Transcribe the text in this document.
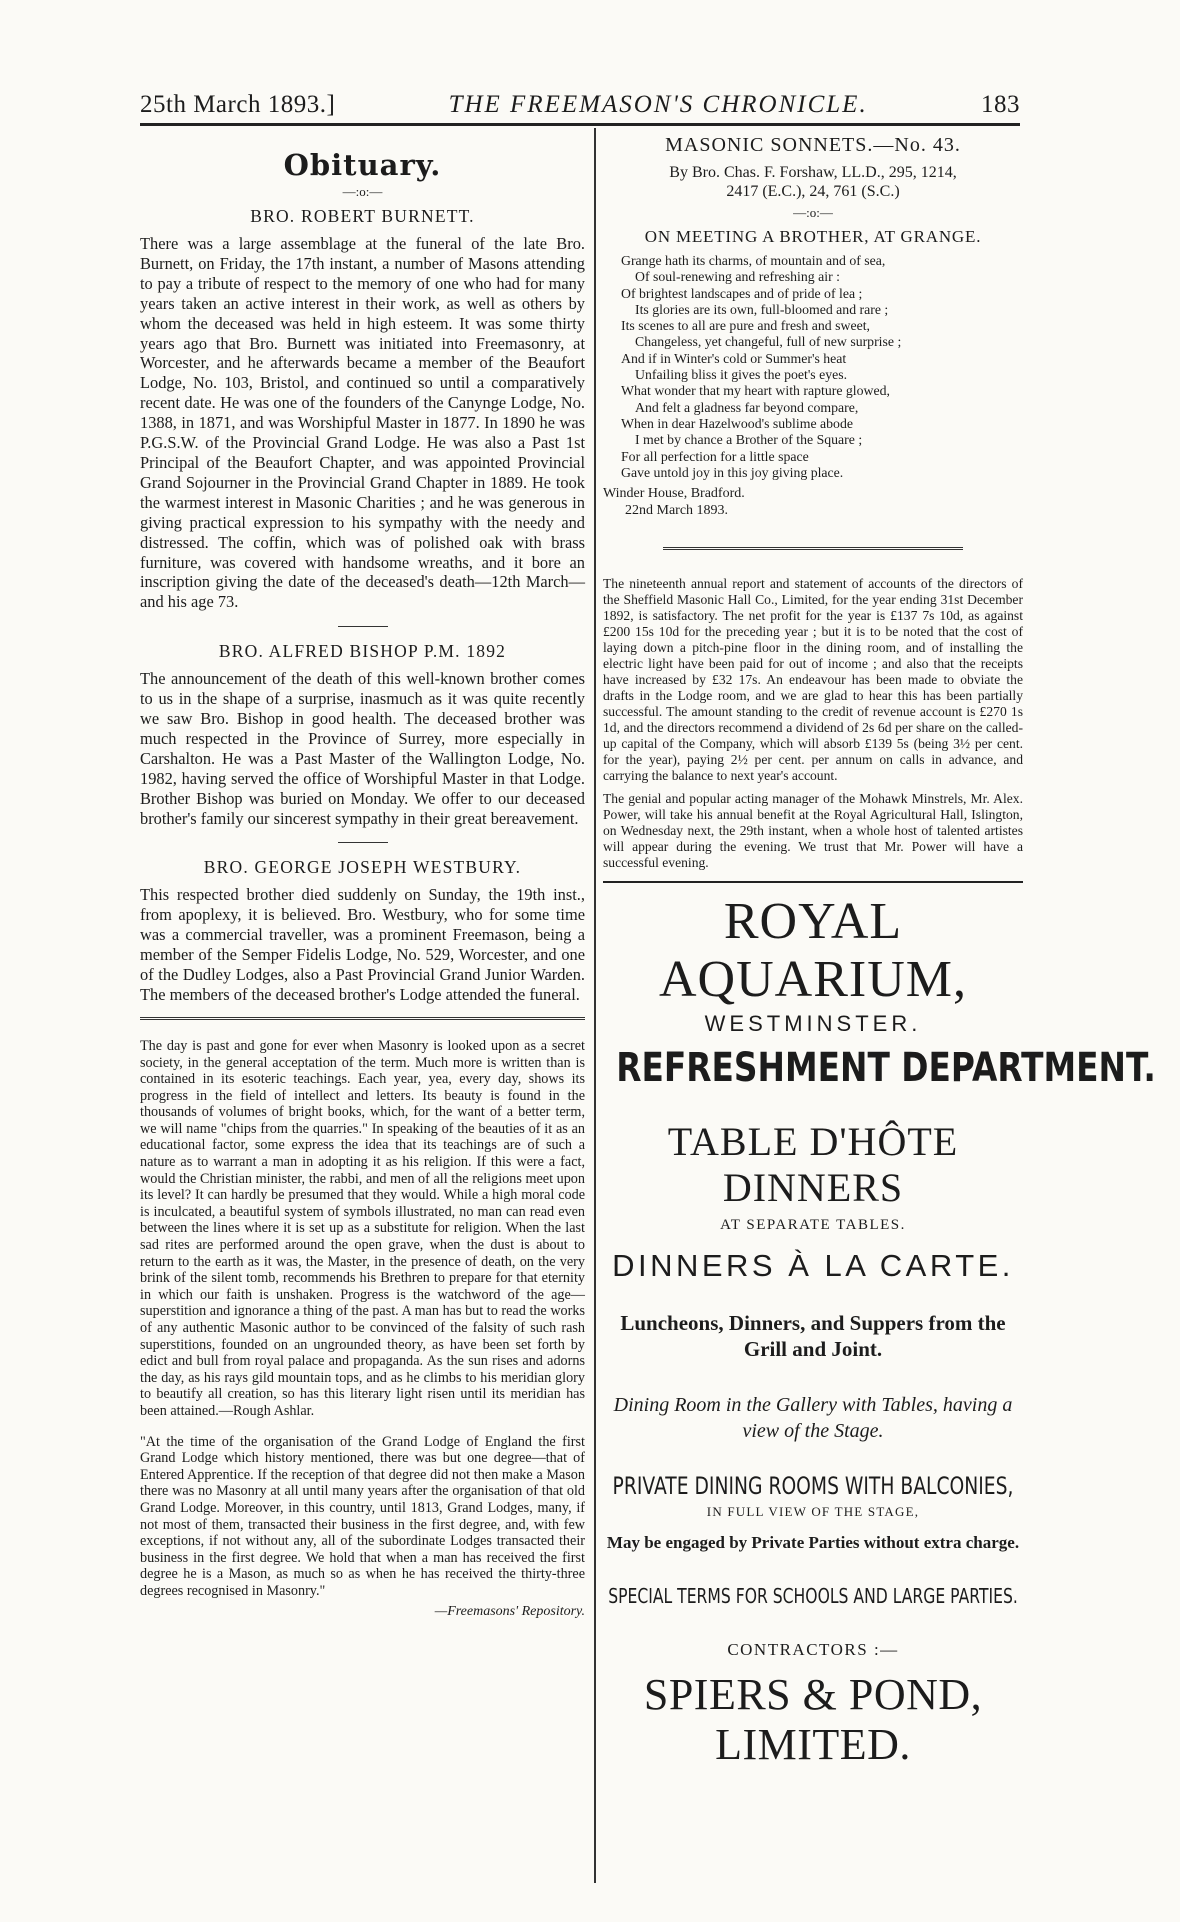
25th March 1893.]	THE FREEMASON'S CHRONICLE.	183
Obituary.
—:o:—
BRO. ROBERT BURNETT.

There was a large assemblage at the funeral of the late Bro. Burnett, on Friday, the 17th instant, a number of Masons attending to pay a tribute of respect to the memory of one who had for many years taken an active interest in their work, as well as others by whom the deceased was held in high esteem. It was some thirty years ago that Bro. Burnett was initiated into Freemasonry, at Worcester, and he afterwards became a member of the Beaufort Lodge, No. 103, Bristol, and continued so until a comparatively recent date. He was one of the founders of the Canynge Lodge, No. 1388, in 1871, and was Worshipful Master in 1877. In 1890 he was P.G.S.W. of the Provincial Grand Lodge. He was also a Past 1st Principal of the Beaufort Chapter, and was appointed Provincial Grand Sojourner in the Provincial Grand Chapter in 1889. He took the warmest interest in Masonic Charities ; and he was generous in giving practical expression to his sympathy with the needy and distressed. The coffin, which was of polished oak with brass furniture, was covered with handsome wreaths, and it bore an inscription giving the date of the deceased's death—12th March—and his age 73.

BRO. ALFRED BISHOP P.M. 1892

The announcement of the death of this well-known brother comes to us in the shape of a surprise, inasmuch as it was quite recently we saw Bro. Bishop in good health. The deceased brother was much respected in the Province of Surrey, more especially in Carshalton. He was a Past Master of the Wallington Lodge, No. 1982, having served the office of Worshipful Master in that Lodge. Brother Bishop was buried on Monday. We offer to our deceased brother's family our sincerest sympathy in their great bereavement.

BRO. GEORGE JOSEPH WESTBURY.

This respected brother died suddenly on Sunday, the 19th inst., from apoplexy, it is believed. Bro. Westbury, who for some time was a commercial traveller, was a prominent Freemason, being a member of the Semper Fidelis Lodge, No. 529, Worcester, and one of the Dudley Lodges, also a Past Provincial Grand Junior Warden. The members of the deceased brother's Lodge attended the funeral.

The day is past and gone for ever when Masonry is looked upon as a secret society, in the general acceptation of the term. Much more is written than is contained in its esoteric teachings. Each year, yea, every day, shows its progress in the field of intellect and letters. Its beauty is found in the thousands of volumes of bright books, which, for the want of a better term, we will name "chips from the quarries." In speaking of the beauties of it as an educational factor, some express the idea that its teachings are of such a nature as to warrant a man in adopting it as his religion. If this were a fact, would the Christian minister, the rabbi, and men of all the religions meet upon its level? It can hardly be presumed that they would. While a high moral code is inculcated, a beautiful system of symbols illustrated, no man can read even between the lines where it is set up as a substitute for religion. When the last sad rites are performed around the open grave, when the dust is about to return to the earth as it was, the Master, in the presence of death, on the very brink of the silent tomb, recommends his Brethren to prepare for that eternity in which our faith is unshaken. Progress is the watchword of the age—superstition and ignorance a thing of the past. A man has but to read the works of any authentic Masonic author to be convinced of the falsity of such rash superstitions, founded on an ungrounded theory, as have been set forth by edict and bull from royal palace and propaganda. As the sun rises and adorns the day, as his rays gild mountain tops, and as he climbs to his meridian glory to beautify all creation, so has this literary light risen until its meridian has been attained.—Rough Ashlar.

"At the time of the organisation of the Grand Lodge of England the first Grand Lodge which history mentioned, there was but one degree—that of Entered Apprentice. If the reception of that degree did not then make a Mason there was no Masonry at all until many years after the organisation of that old Grand Lodge. Moreover, in this country, until 1813, Grand Lodges, many, if not most of them, transacted their business in the first degree, and, with few exceptions, if not without any, all of the subordinate Lodges transacted their business in the first degree. We hold that when a man has received the first degree he is a Mason, as much so as when he has received the thirty-three degrees recognised in Masonry."

—Freemasons' Repository.

MASONIC SONNETS.—No. 43.
By Bro. Chas. F. Forshaw, LL.D., 295, 1214,
2417 (E.C.), 24, 761 (S.C.)
—:o:—
ON MEETING A BROTHER, AT GRANGE.
Grange hath its charms, of mountain and of sea,
Of soul-renewing and refreshing air :
Of brightest landscapes and of pride of lea ;
Its glories are its own, full-bloomed and rare ;
Its scenes to all are pure and fresh and sweet,
Changeless, yet changeful, full of new surprise ;
And if in Winter's cold or Summer's heat
Unfailing bliss it gives the poet's eyes.
What wonder that my heart with rapture glowed,
And felt a gladness far beyond compare,
When in dear Hazelwood's sublime abode
I met by chance a Brother of the Square ;
For all perfection for a little space
Gave untold joy in this joy giving place.
Winder House, Bradford.
22nd March 1893.

The nineteenth annual report and statement of accounts of the directors of the Sheffield Masonic Hall Co., Limited, for the year ending 31st December 1892, is satisfactory. The net profit for the year is £137 7s 10d, as against £200 15s 10d for the preceding year ; but it is to be noted that the cost of laying down a pitch-pine floor in the dining room, and of installing the electric light have been paid for out of income ; and also that the receipts have increased by £32 17s. An endeavour has been made to obviate the drafts in the Lodge room, and we are glad to hear this has been partially successful. The amount standing to the credit of revenue account is £270 1s 1d, and the directors recommend a dividend of 2s 6d per share on the called-up capital of the Company, which will absorb £139 5s (being 3½ per cent. for the year), paying 2½ per cent. per annum on calls in advance, and carrying the balance to next year's account.

The genial and popular acting manager of the Mohawk Minstrels, Mr. Alex. Power, will take his annual benefit at the Royal Agricultural Hall, Islington, on Wednesday next, the 29th instant, when a whole host of talented artistes will appear during the evening. We trust that Mr. Power will have a successful evening.

ROYAL AQUARIUM,
WESTMINSTER.
REFRESHMENT DEPARTMENT.
TABLE D'HÔTE DINNERS
AT SEPARATE TABLES.
DINNERS À LA CARTE.
Luncheons, Dinners, and Suppers from the Grill and Joint.
Dining Room in the Gallery with Tables, having a view of the Stage.
PRIVATE DINING ROOMS WITH BALCONIES,
IN FULL VIEW OF THE STAGE,
May be engaged by Private Parties without extra charge.
SPECIAL TERMS FOR SCHOOLS AND LARGE PARTIES.
CONTRACTORS :—
SPIERS & POND, LIMITED.
